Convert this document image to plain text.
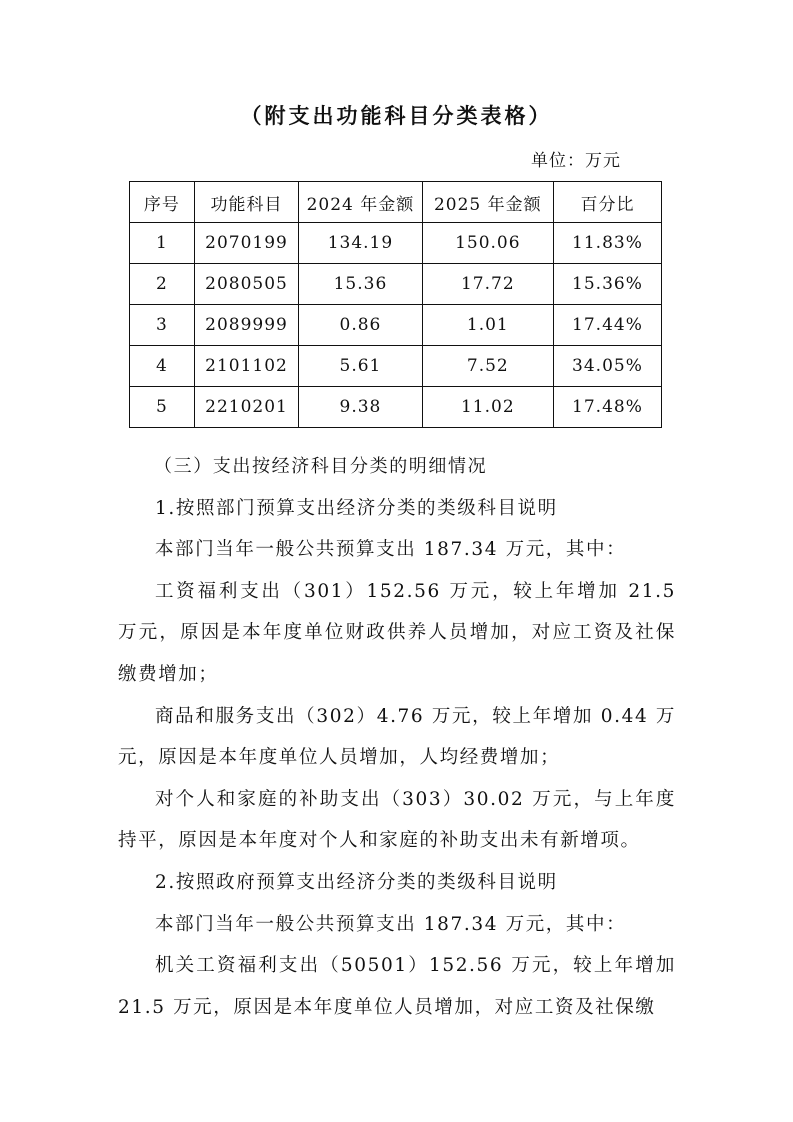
（附支出功能科目分类表格）
单位：万元
序号	功能科目	2024 年金额	2025 年金额	百分比
1	2070199	134.19	150.06	11.83%
2	2080505	15.36	17.72	15.36%
3	2089999	0.86	1.01	17.44%
4	2101102	5.61	7.52	34.05%
5	2210201	9.38	11.02	17.48%

（三）支出按经济科目分类的明细情况

1.按照部门预算支出经济分类的类级科目说明

本部门当年一般公共预算支出 187.34 万元，其中：

工资福利支出（301）152.56 万元，较上年增加 21.5 万元，原因是本年度单位财政供养人员增加，对应工资及社保缴费增加；

商品和服务支出（302）4.76 万元，较上年增加 0.44 万元，原因是本年度单位人员增加，人均经费增加；

对个人和家庭的补助支出（303）30.02 万元，与上年度持平，原因是本年度对个人和家庭的补助支出未有新增项。

2.按照政府预算支出经济分类的类级科目说明

本部门当年一般公共预算支出 187.34 万元，其中：

机关工资福利支出（50501）152.56 万元，较上年增加 21.5 万元，原因是本年度单位人员增加，对应工资及社保缴
